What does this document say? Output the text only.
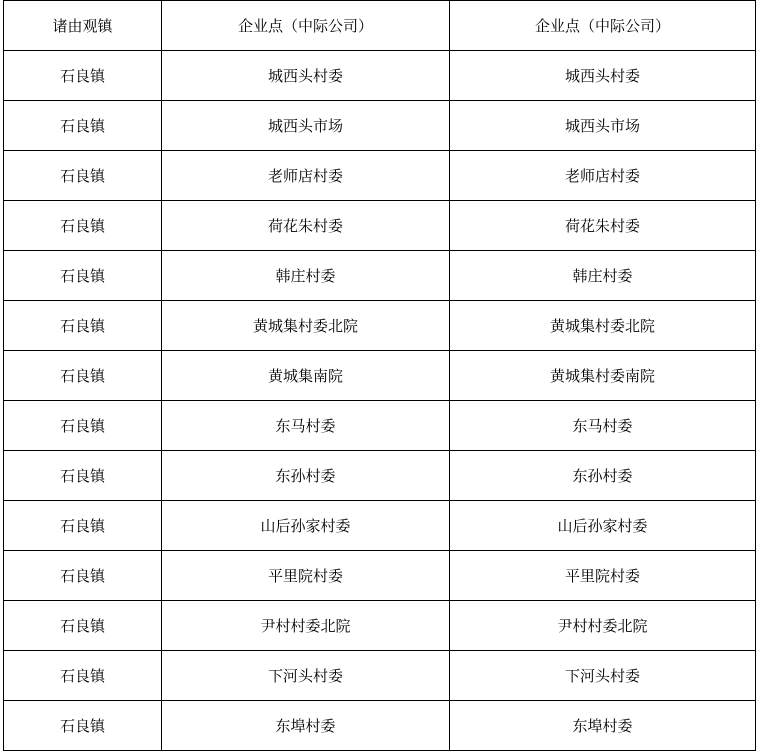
诸由观镇	企业点（中际公司）	企业点（中际公司）
石良镇	城西头村委	城西头村委
石良镇	城西头市场	城西头市场
石良镇	老师店村委	老师店村委
石良镇	荷花朱村委	荷花朱村委
石良镇	韩庄村委	韩庄村委
石良镇	黄城集村委北院	黄城集村委北院
石良镇	黄城集南院	黄城集村委南院
石良镇	东马村委	东马村委
石良镇	东孙村委	东孙村委
石良镇	山后孙家村委	山后孙家村委
石良镇	平里院村委	平里院村委
石良镇	尹村村委北院	尹村村委北院
石良镇	下河头村委	下河头村委
石良镇	东埠村委	东埠村委
